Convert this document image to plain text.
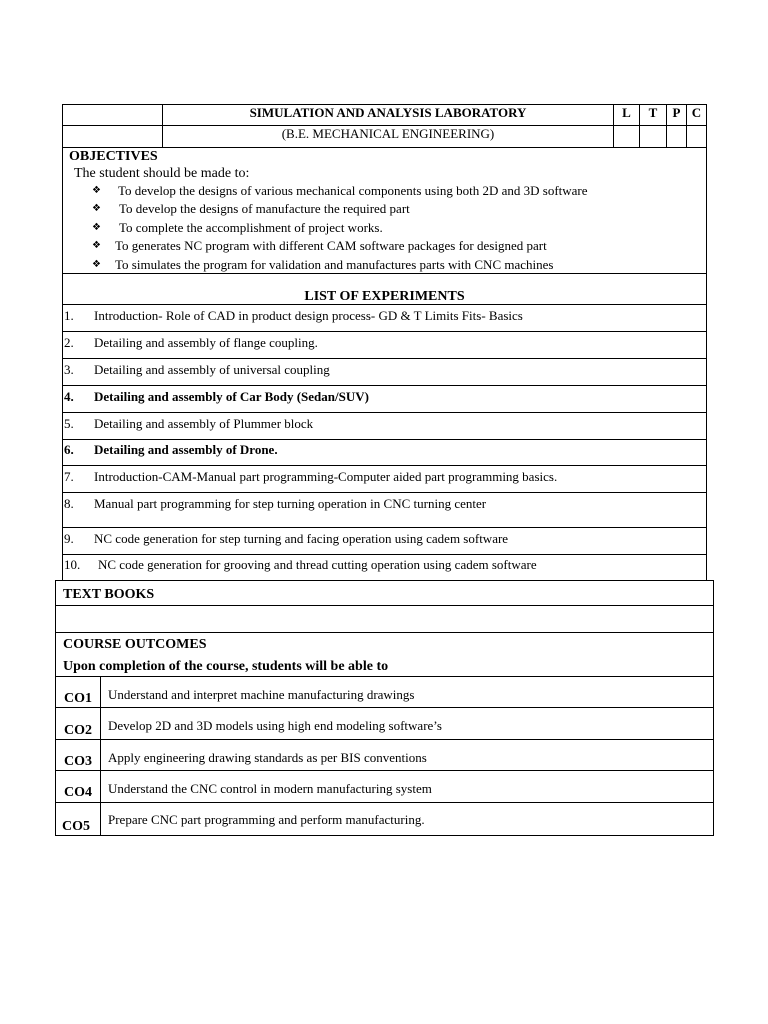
SIMULATION AND ANALYSIS LABORATORY
(B.E. MECHANICAL ENGINEERING)
L	T	P C
OBJECTIVES
The student should be made to:
❖ To develop the designs of various mechanical components using both 2D and 3D software
❖ To develop the designs of manufacture the required part
❖ To complete the accomplishment of project works.
❖ To generates NC program with different CAM software packages for designed part
❖ To simulates the program for validation and manufactures parts with CNC machines
LIST OF EXPERIMENTS
1. Introduction- Role of CAD in product design process- GD & T Limits Fits- Basics
2. Detailing and assembly of flange coupling.
3. Detailing and assembly of universal coupling
4. Detailing and assembly of Car Body (Sedan/SUV)
5. Detailing and assembly of Plummer block
6. Detailing and assembly of Drone.
7. Introduction-CAM-Manual part programming-Computer aided part programming basics.
8. Manual part programming for step turning operation in CNC turning center
9. NC code generation for step turning and facing operation using cadem software
10. NC code generation for grooving and thread cutting operation using cadem software
TEXT BOOKS
COURSE OUTCOMES
Upon completion of the course, students will be able to
CO1 Understand and interpret machine manufacturing drawings
CO2 Develop 2D and 3D models using high end modeling software’s
CO3 Apply engineering drawing standards as per BIS conventions
CO4 Understand the CNC control in modern manufacturing system
CO5 Prepare CNC part programming and perform manufacturing.
